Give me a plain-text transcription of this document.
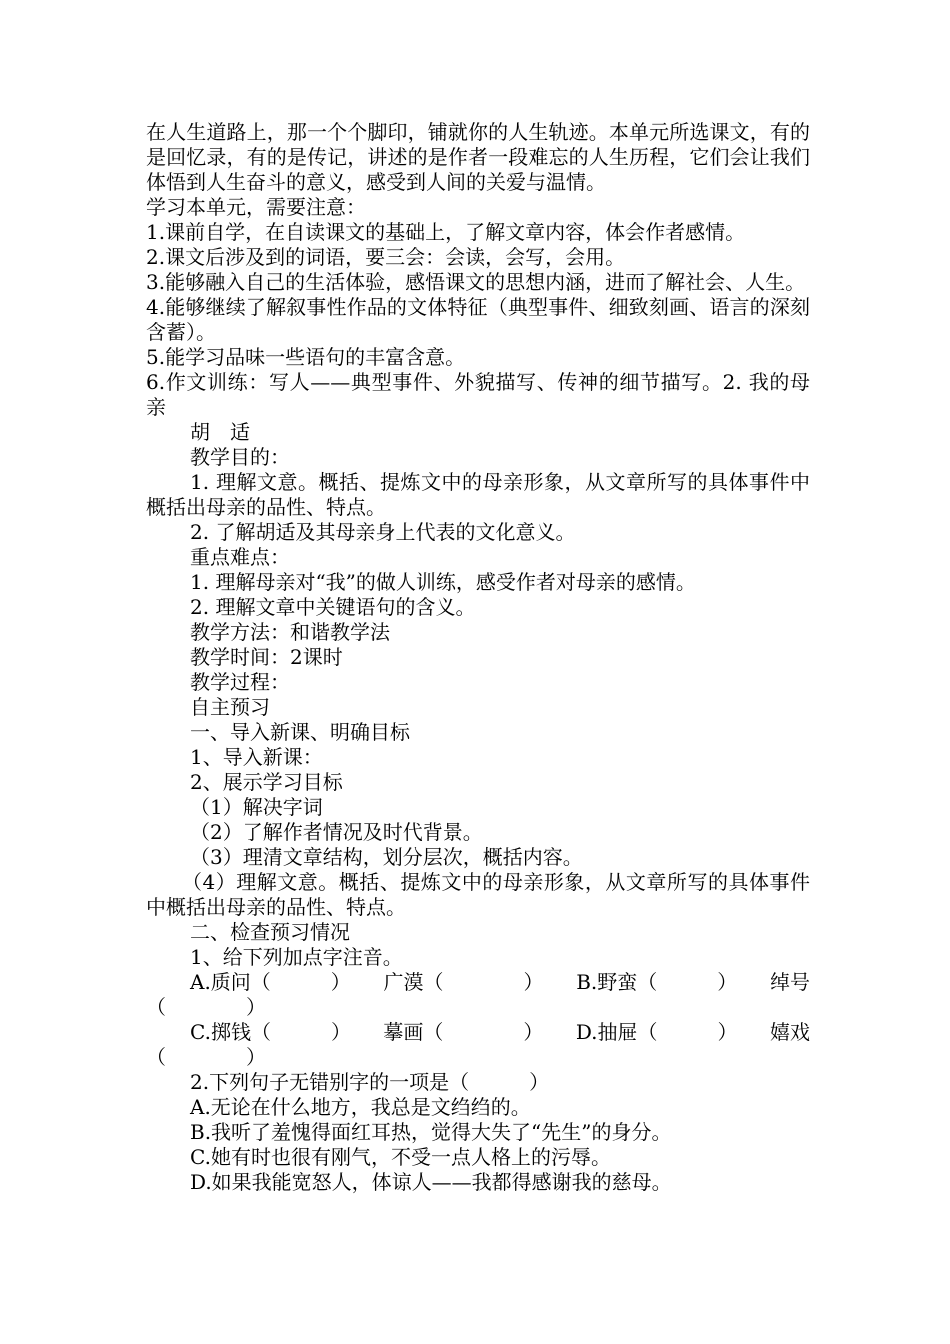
在人生道路上，那一个个脚印，铺就你的人生轨迹。本单元所选课文，有的是回忆录，有的是传记，讲述的是作者一段难忘的人生历程，它们会让我们体悟到人生奋斗的意义，感受到人间的关爱与温情。

学习本单元，需要注意：

1.课前自学，在自读课文的基础上，了解文章内容，体会作者感情。

2.课文后涉及到的词语，要三会：会读，会写，会用。

3.能够融入自己的生活体验，感悟课文的思想内涵，进而了解社会、人生。

4.能够继续了解叙事性作品的文体特征（典型事件、细致刻画、语言的深刻含蓄）。

5.能学习品味一些语句的丰富含意。

6.作文训练：写人——典型事件、外貌描写、传神的细节描写。2. 我的母亲

胡　适

教学目的：

1. 理解文意。概括、提炼文中的母亲形象，从文章所写的具体事件中概括出母亲的品性、特点。

2. 了解胡适及其母亲身上代表的文化意义。

重点难点：

1. 理解母亲对“我”的做人训练，感受作者对母亲的感情。

2. 理解文章中关键语句的含义。

教学方法：和谐教学法

教学时间：2课时

教学过程：

自主预习

一、导入新课、明确目标

1、导入新课：

2、展示学习目标

（1）解决字词

（2）了解作者情况及时代背景。

（3）理清文章结构，划分层次，概括内容。

（4）理解文意。概括、提炼文中的母亲形象，从文章所写的具体事件中概括出母亲的品性、特点。

二、检查预习情况

1、给下列加点字注音。

A.质问（　　　） 广漠（　　　　） B.野蛮（　　　） 绰号

（　　　　）

C.掷钱（　　　） 摹画（　　　　） D.抽屉（　　　） 嬉戏

（　　　　）

2.下列句子无错别字的一项是（　　　）

A.无论在什么地方，我总是文绉绉的。

B.我听了羞愧得面红耳热，觉得大失了“先生”的身分。

C.她有时也很有刚气，不受一点人格上的污辱。

D.如果我能宽怒人，体谅人——我都得感谢我的慈母。
